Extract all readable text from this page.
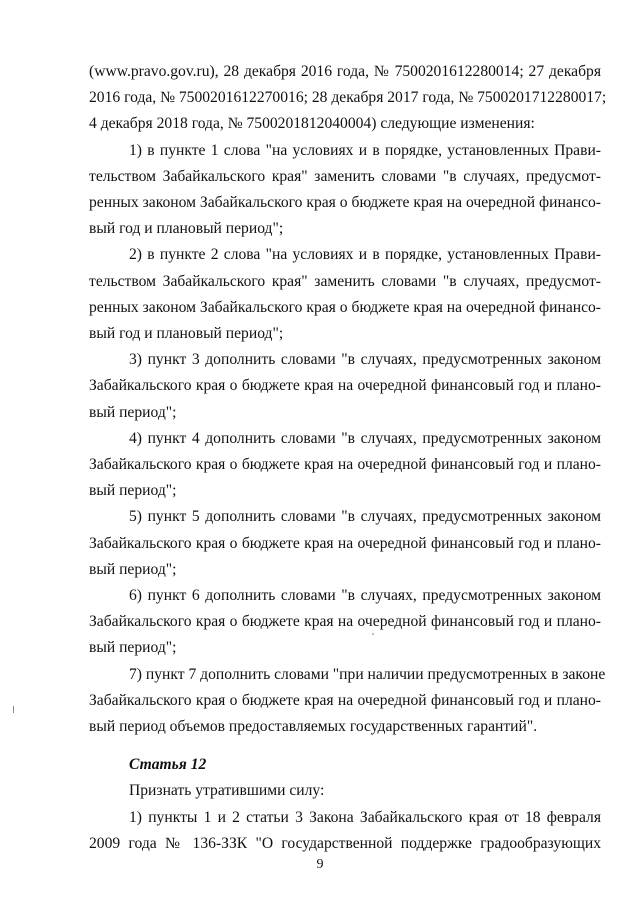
(www.pravo.gov.ru), 28 декабря 2016 года, № 7500201612280014; 27 декабря
2016 года, № 7500201612270016; 28 декабря 2017 года, № 7500201712280017;
4 декабря 2018 года, № 7500201812040004) следующие изменения:
1) в пункте 1 слова "на условиях и в порядке, установленных Прави-
тельством Забайкальского края" заменить словами "в случаях, предусмот-
ренных законом Забайкальского края о бюджете края на очередной финансо-
вый год и плановый период";
2) в пункте 2 слова "на условиях и в порядке, установленных Прави-
тельством Забайкальского края" заменить словами "в случаях, предусмот-
ренных законом Забайкальского края о бюджете края на очередной финансо-
вый год и плановый период";
3) пункт 3 дополнить словами "в случаях, предусмотренных законом
Забайкальского края о бюджете края на очередной финансовый год и плано-
вый период";
4) пункт 4 дополнить словами "в случаях, предусмотренных законом
Забайкальского края о бюджете края на очередной финансовый год и плано-
вый период";
5) пункт 5 дополнить словами "в случаях, предусмотренных законом
Забайкальского края о бюджете края на очередной финансовый год и плано-
вый период";
6) пункт 6 дополнить словами "в случаях, предусмотренных законом
Забайкальского края о бюджете края на очередной финансовый год и плано-
вый период";
7) пункт 7 дополнить словами "при наличии предусмотренных в законе
Забайкальского края о бюджете края на очередной финансовый год и плано-
вый период объемов предоставляемых государственных гарантий".
Статья 12
Признать утратившими силу:
1) пункты 1 и 2 статьи 3 Закона Забайкальского края от 18 февраля
2009 года № 136-ЗЗК "О государственной поддержке градообразующих
9
